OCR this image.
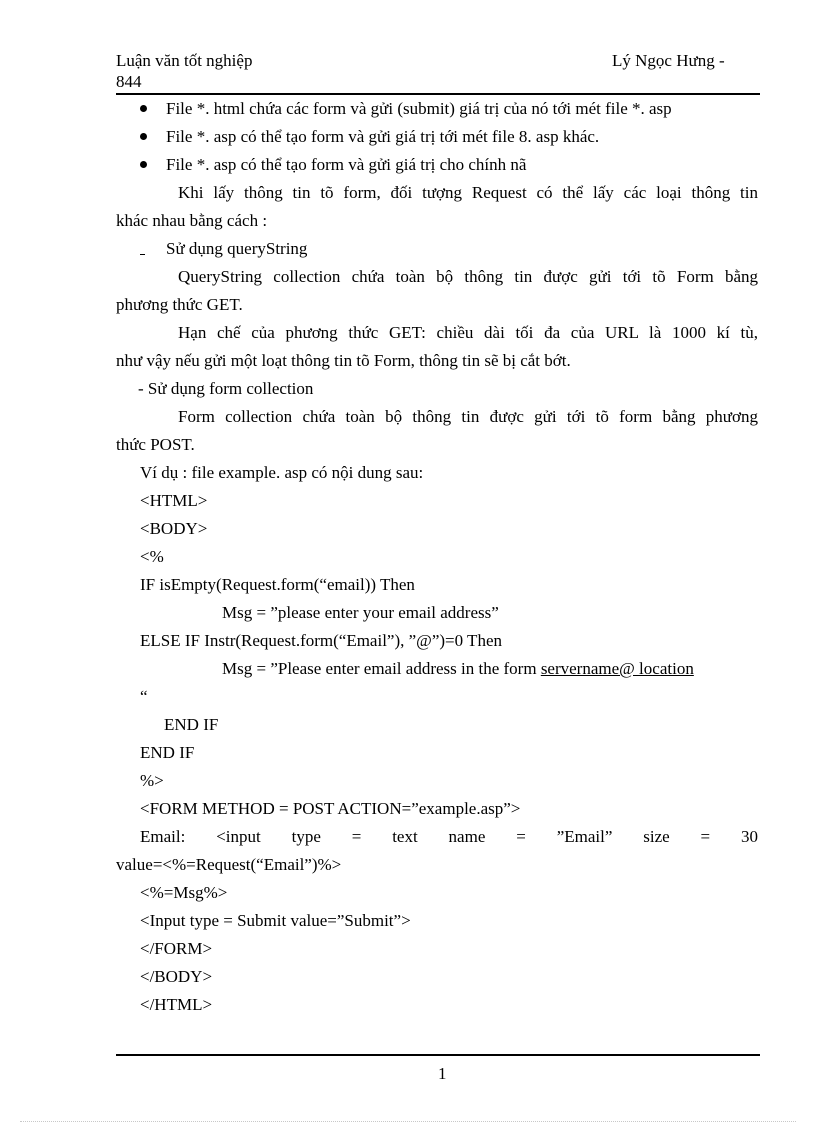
Luận văn tốt nghiệp
844
Lý Ngọc Hưng -
File *. html chứa các form và gửi (submit) giá trị của nó tới mét file *. asp
File *. asp có thể tạo form và gửi giá trị tới mét file 8. asp khác.
File *. asp có thể tạo form và gửi giá trị cho chính nã
Khi lấy thông tin tõ form, đối tượng Request có thể lấy các loại thông tin
khác nhau bằng cách :
Sử dụng queryString
QueryString collection chứa toàn bộ thông tin được gửi tới tõ Form bằng
phương thức GET.
Hạn chế của phương thức GET: chiều dài tối đa của URL là 1000 kí tù,
như vậy nếu gửi một loạt thông tin tõ Form, thông tin sẽ bị cắt bớt.
- Sử dụng form collection
Form collection chứa toàn bộ thông tin được gửi tới tõ form bằng phương
thức POST.
Ví dụ : file example. asp có nội dung sau:
<HTML>
<BODY>
<%
IF isEmpty(Request.form(“email)) Then
Msg = ”please enter your email address”
ELSE IF Instr(Request.form(“Email”), ”@”)=0 Then
Msg = ”Please enter email address in the form servername@ location
“
END IF
END IF
%>
<FORM METHOD = POST ACTION=”example.asp”>
Email: <input type = text name = ”Email” size = 30
value=<%=Request(“Email”)%>
<%=Msg%>
<Input type = Submit value=”Submit”>
</FORM>
</BODY>
</HTML>
1
